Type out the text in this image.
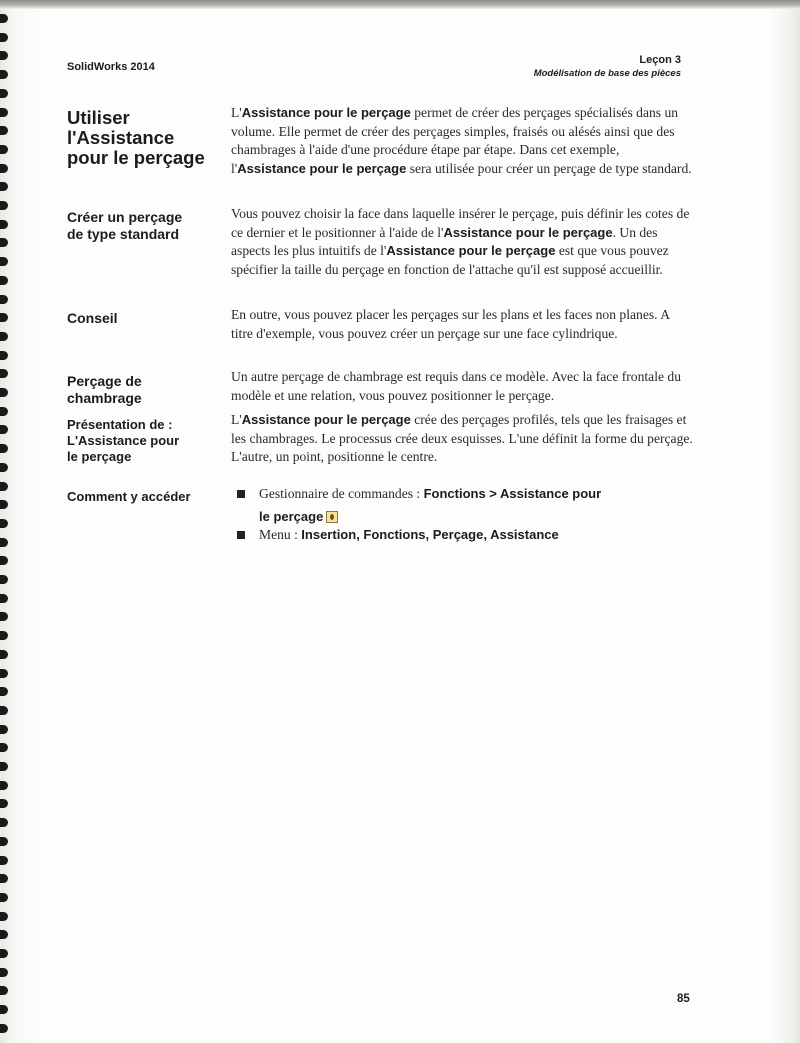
SolidWorks 2014
Leçon 3
Modélisation de base des pièces
Utiliser
l'Assistance
pour le perçage
L'Assistance pour le perçage permet de créer des perçages spécialisés dans un volume. Elle permet de créer des perçages simples, fraisés ou alésés ainsi que des chambrages à l'aide d'une procédure étape par étape. Dans cet exemple, l'Assistance pour le perçage sera utilisée pour créer un perçage de type standard.
Créer un perçage
de type standard
Vous pouvez choisir la face dans laquelle insérer le perçage, puis définir les cotes de ce dernier et le positionner à l'aide de l'Assistance pour le perçage. Un des aspects les plus intuitifs de l'Assistance pour le perçage est que vous pouvez spécifier la taille du perçage en fonction de l'attache qu'il est supposé accueillir.
Conseil	En outre, vous pouvez placer les perçages sur les plans et les faces non planes. A titre d'exemple, vous pouvez créer un perçage sur une face cylindrique.
Perçage de
chambrage
Un autre perçage de chambrage est requis dans ce modèle. Avec la face frontale du modèle et une relation, vous pouvez positionner le perçage.
Présentation de :
L'Assistance pour
le perçage
L'Assistance pour le perçage crée des perçages profilés, tels que les fraisages et les chambrages. Le processus crée deux esquisses. L'une définit la forme du perçage. L'autre, un point, positionne le centre.
Comment y accéder	Gestionnaire de commandes : Fonctions > Assistance pour
le perçage
Menu : Insertion, Fonctions, Perçage, Assistance
85
